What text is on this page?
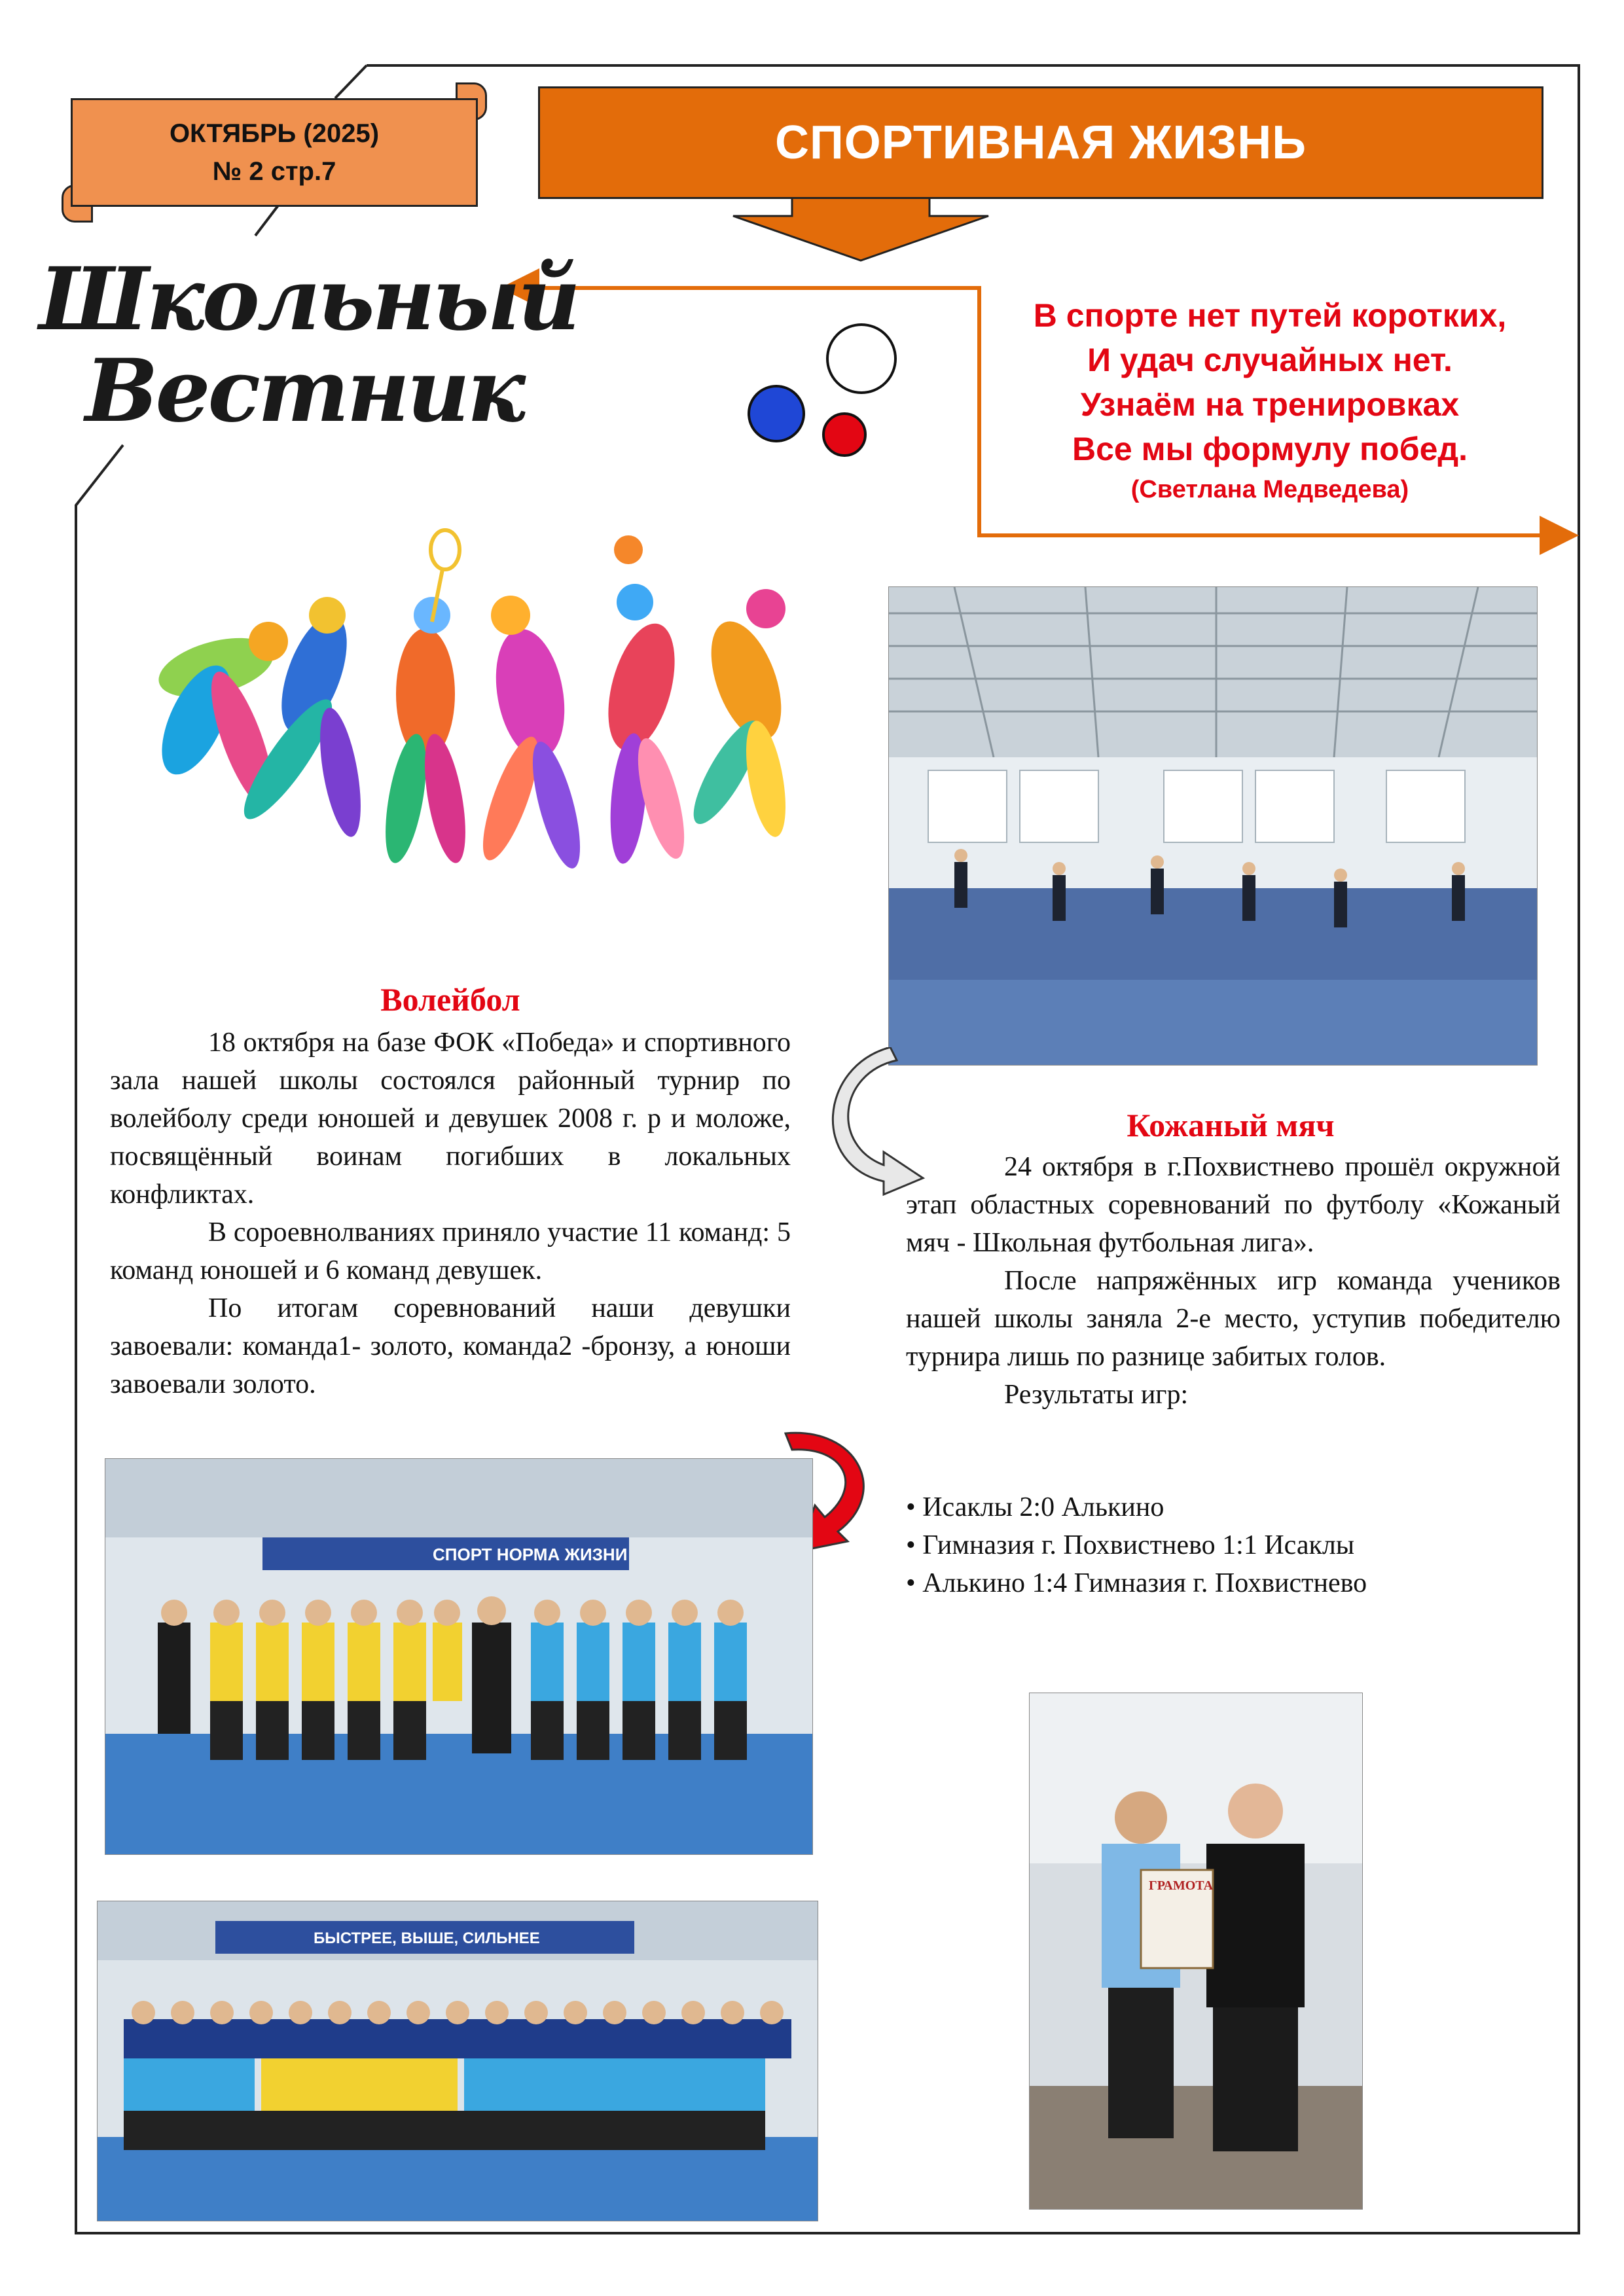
ОКТЯБРЬ (2025)
№ 2 стр.7
СПОРТИВНАЯ ЖИЗНЬ
Школьный
Вестник
В спорте нет путей коротких,
И удач случайных нет.
Узнаём на тренировках
Все мы формулу побед.
(Светлана Медведева)
Волейбол

18 октября на базе ФОК «Победа» и спортивного зала нашей школы состоялся районный турнир по волейболу среди юношей и девушек 2008 г. р и моложе, посвящённый воинам погибших в локальных конфликтах.

В сороевнолваниях приняло участие 11 команд: 5 команд юношей и 6 команд девушек.

По итогам соревнований наши девушки завоевали: команда1- золото, команда2 -бронзу, а юноши завоевали золото.

Кожаный мяч

24 октября в г.Похвистнево прошёл окружной этап областных соревнований по футболу «Кожаный мяч - Школьная футбольная лига».

После напряжённых игр команда учеников нашей школы заняла 2-е место, уступив победителю турнира лишь по разнице забитых голов.

Результаты игр:

• Исаклы 2:0 Алькино

• Гимназия г. Похвистнево 1:1 Исаклы

• Алькино 1:4 Гимназия г. Похвистнево

СПОРТ НОРМА ЖИЗНИ
БЫСТРЕЕ, ВЫШЕ, СИЛЬНЕЕ
ГРАМОТА
